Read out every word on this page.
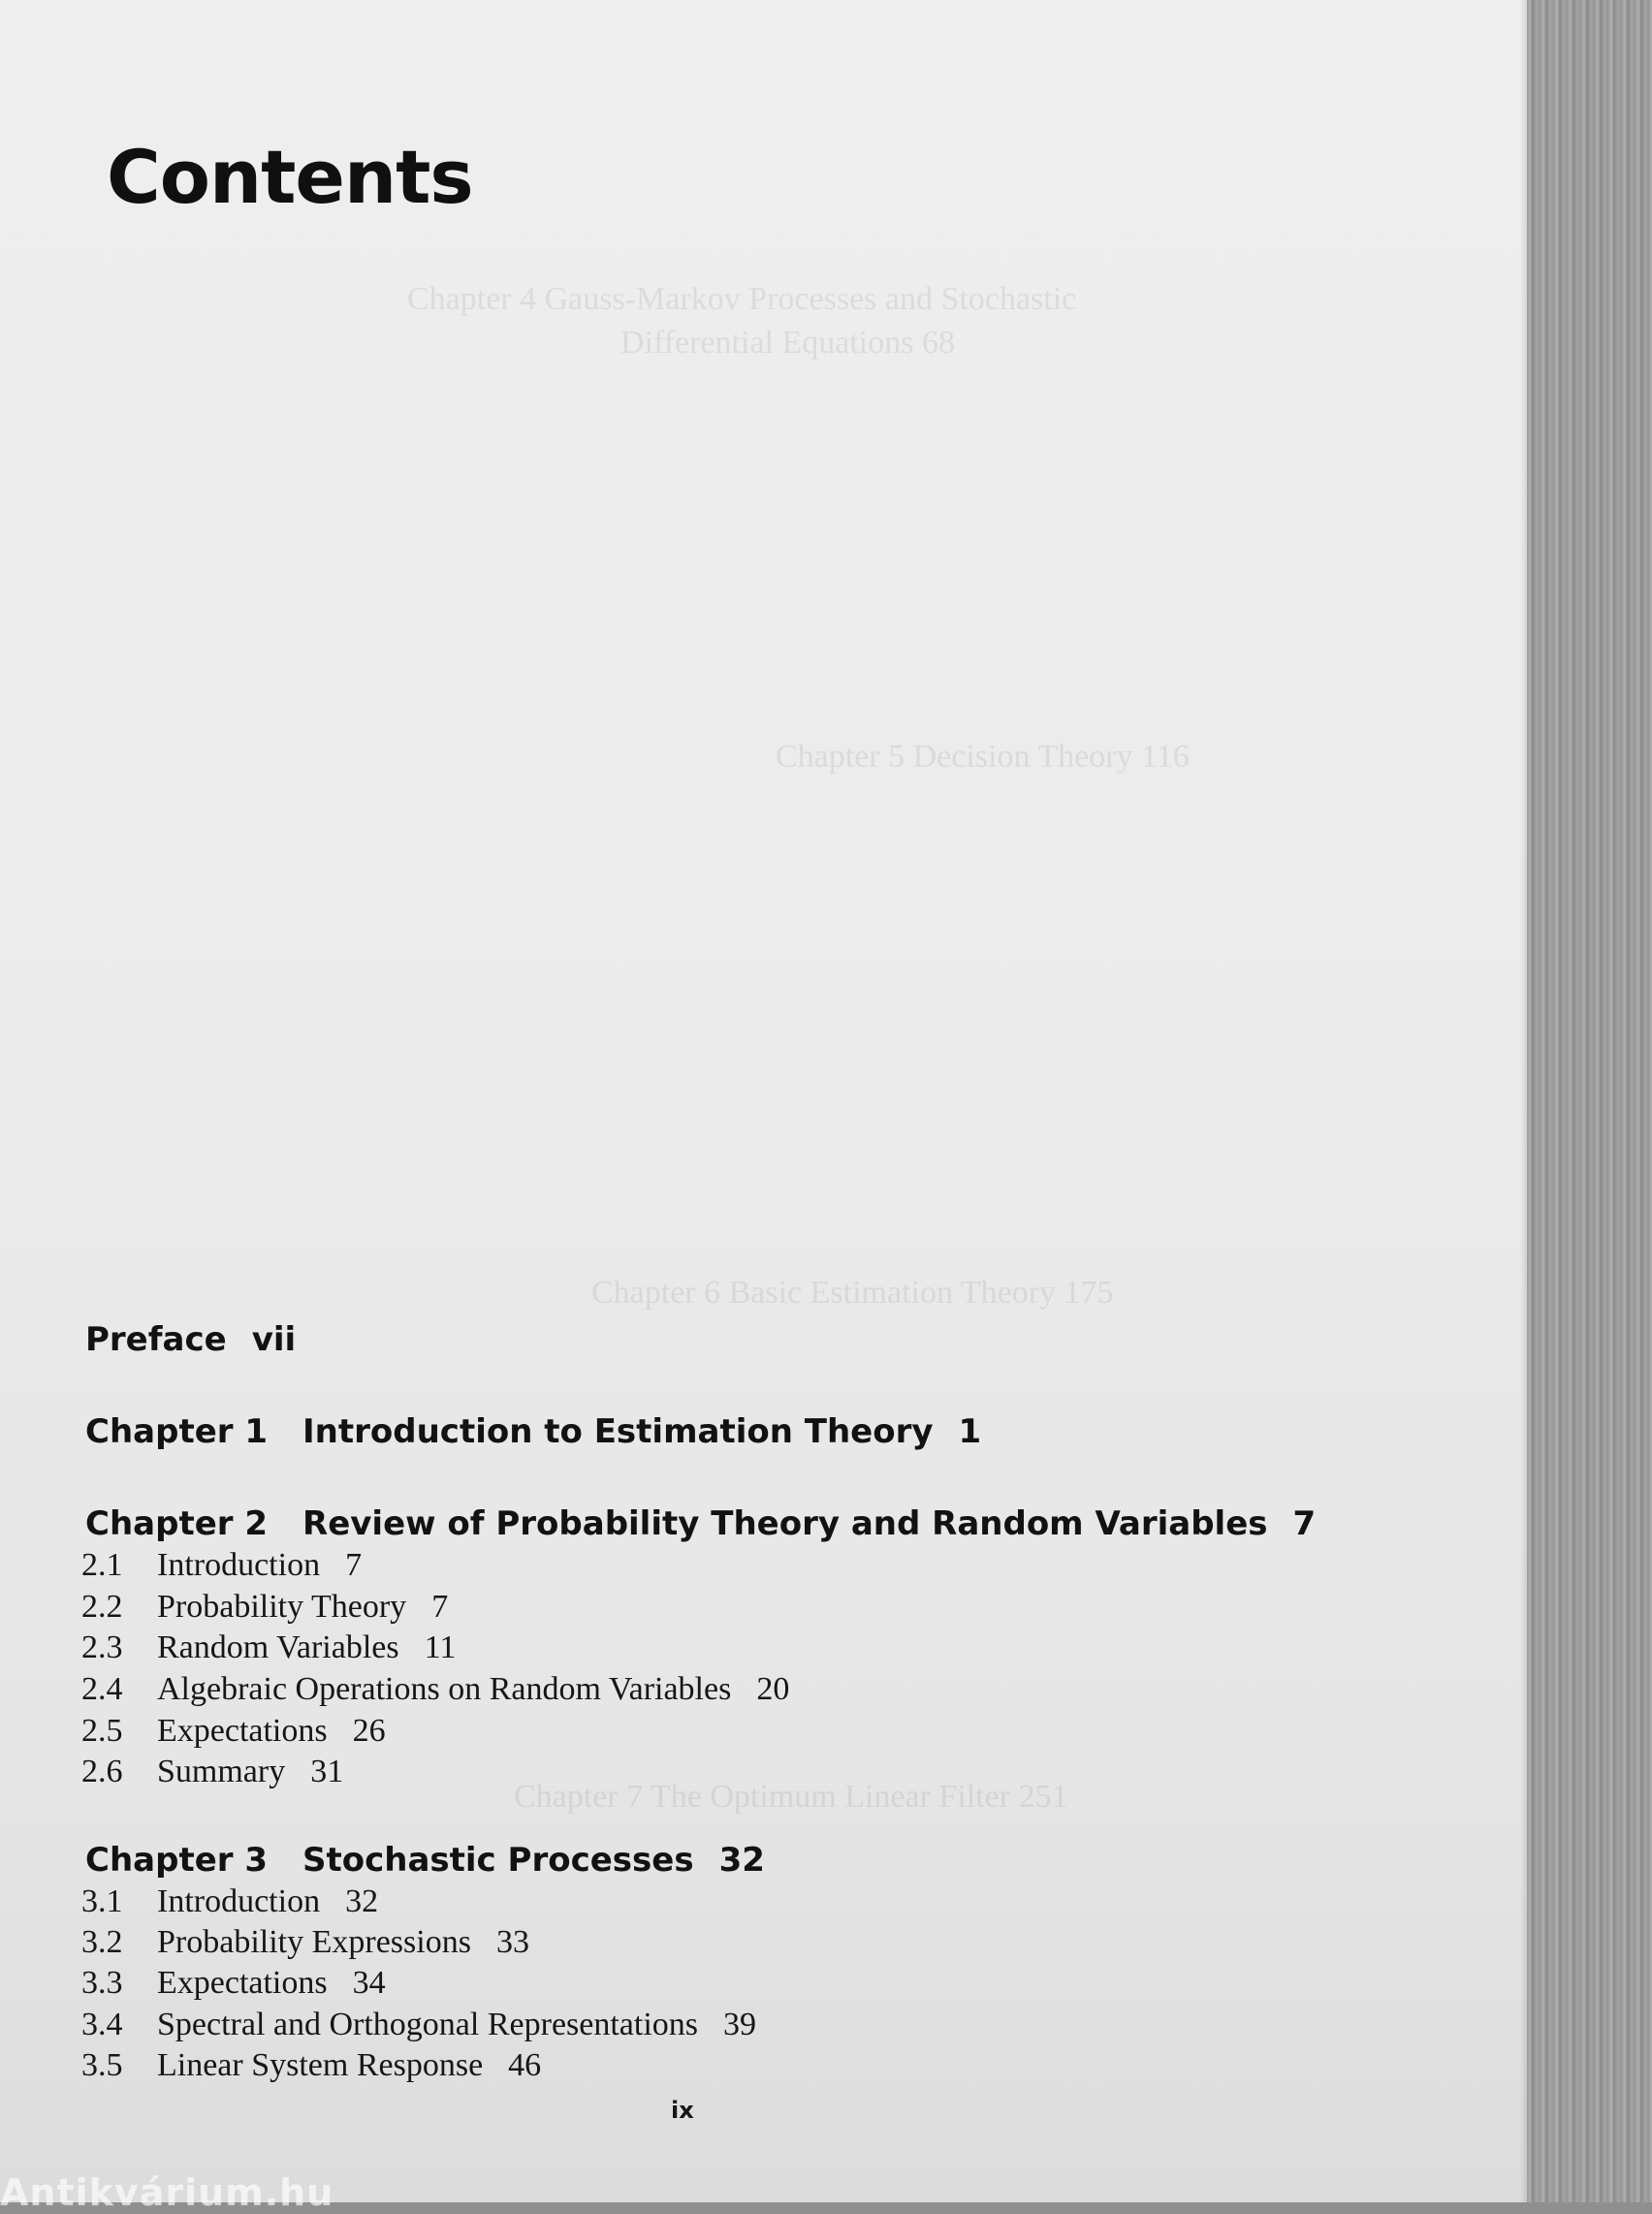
Chapter 4 Gauss-Markov Processes and Stochastic
Differential Equations 68
Chapter 5 Decision Theory 116
Chapter 6 Basic Estimation Theory 175
Chapter 7 The Optimum Linear Filter 251
Contents
Preface vii
Chapter 1 Introduction to Estimation Theory 1
Chapter 2 Review of Probability Theory and Random Variables 7
2.1 Introduction 7
2.2 Probability Theory 7
2.3 Random Variables 11
2.4 Algebraic Operations on Random Variables 20
2.5 Expectations 26
2.6 Summary 31
Chapter 3 Stochastic Processes 32
3.1 Introduction 32
3.2 Probability Expressions 33
3.3 Expectations 34
3.4 Spectral and Orthogonal Representations 39
3.5 Linear System Response 46
ix
Antikvárium.hu
